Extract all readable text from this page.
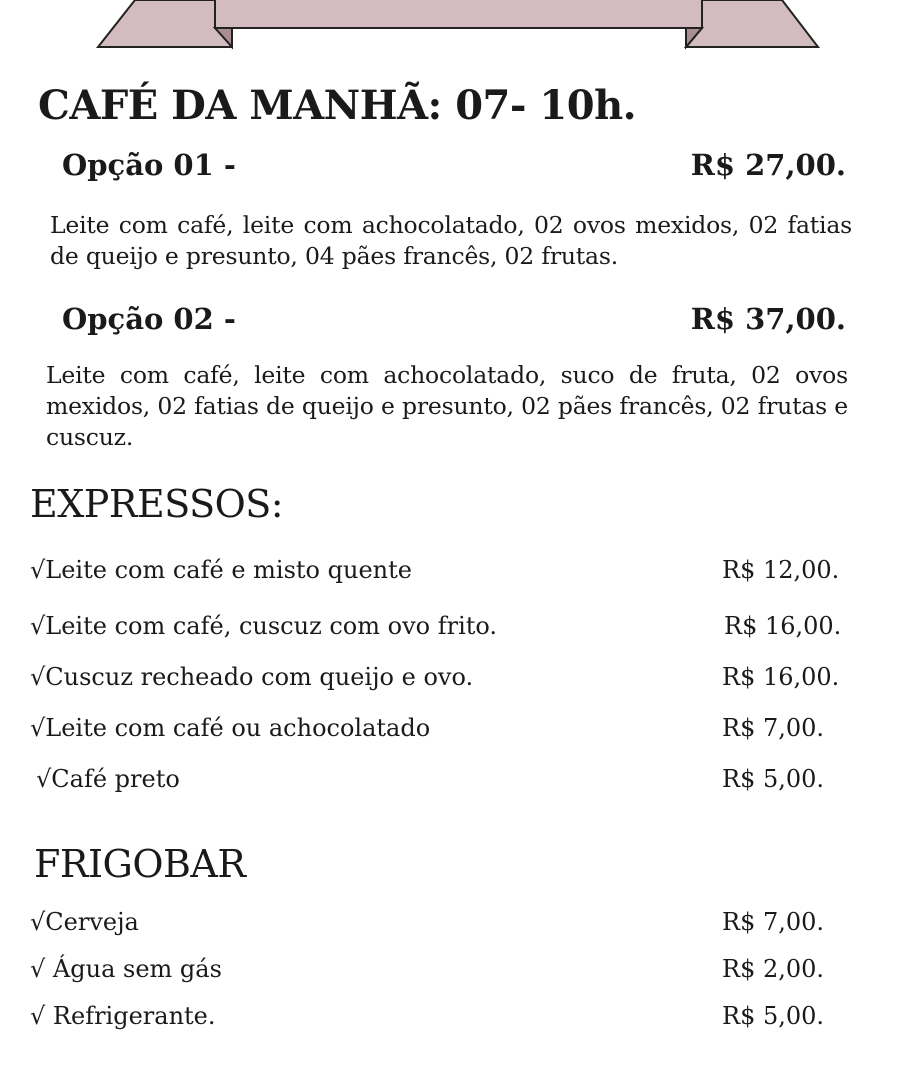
CAFÉ DA MANHÃ: 07- 10h.
Opção 01 -	R$ 27,00.
Leite com café, leite com achocolatado, 02 ovos mexidos, 02 fatias de queijo e presunto, 04 pães francês, 02 frutas.
Opção 02 -	R$ 37,00.
Leite com café, leite com achocolatado, suco de fruta, 02 ovos mexidos, 02 fatias de queijo e presunto, 02 pães francês, 02 frutas e cuscuz.
EXPRESSOS:
√Leite com café e misto quente	R$ 12,00.
√Leite com café, cuscuz com ovo frito.	R$ 16,00.
√Cuscuz recheado com queijo e ovo.	R$ 16,00.
√Leite com café ou achocolatado	R$ 7,00.
√Café preto	R$ 5,00.
FRIGOBAR
√Cerveja	R$ 7,00.
√ Água sem gás	R$ 2,00.
√ Refrigerante.	R$ 5,00.
